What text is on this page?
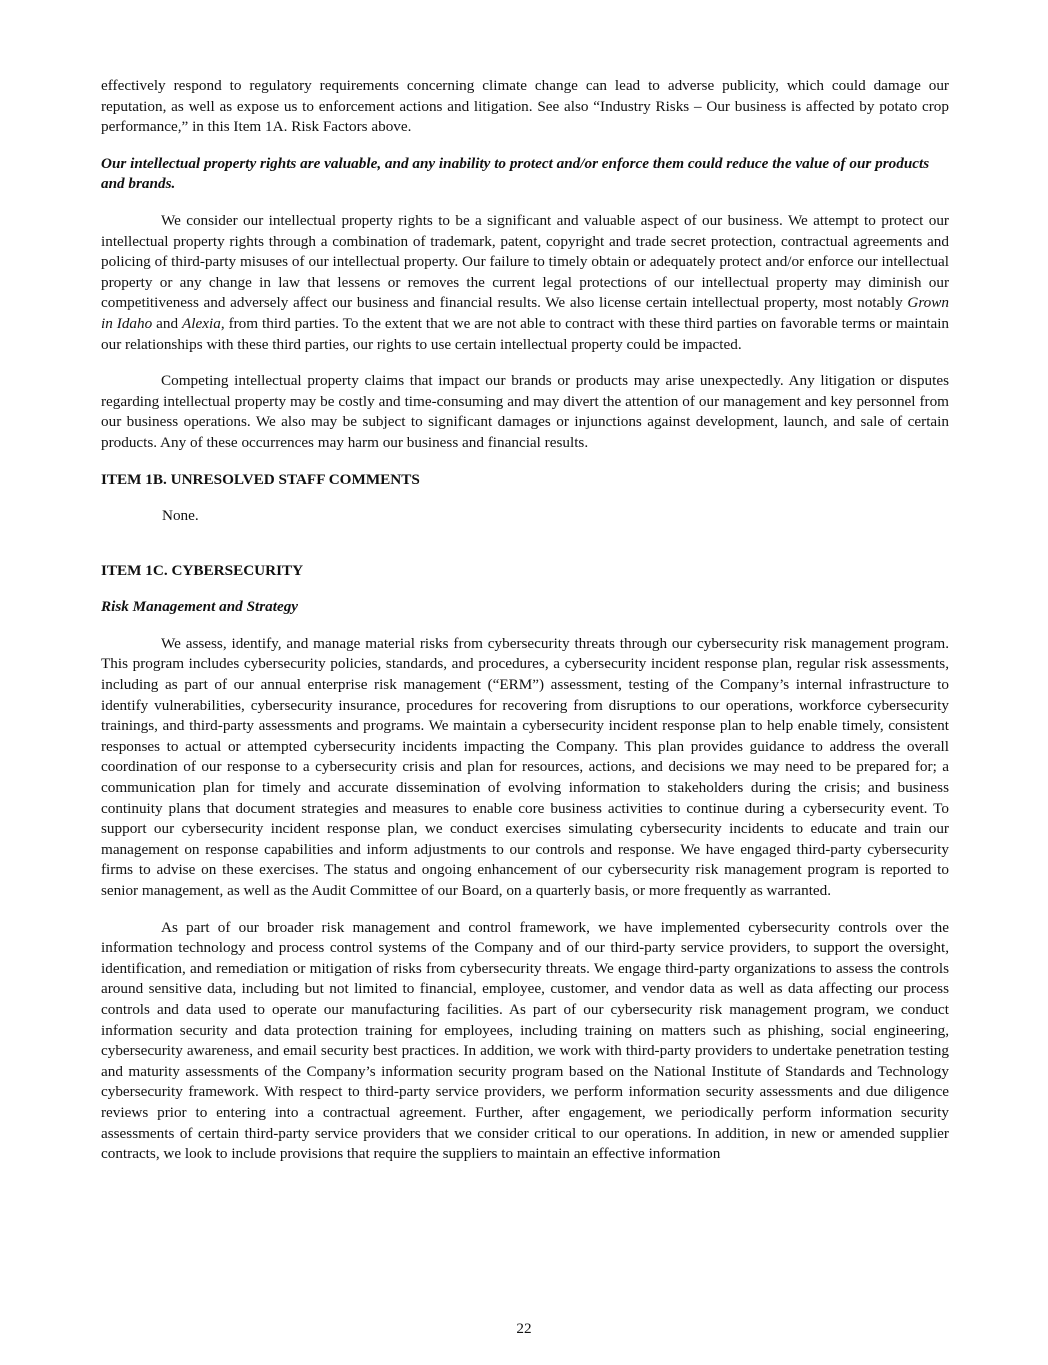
effectively respond to regulatory requirements concerning climate change can lead to adverse publicity, which could damage our reputation, as well as expose us to enforcement actions and litigation. See also “Industry Risks – Our business is affected by potato crop performance,” in this Item 1A. Risk Factors above.

Our intellectual property rights are valuable, and any inability to protect and/or enforce them could reduce the value of our products and brands.

We consider our intellectual property rights to be a significant and valuable aspect of our business. We attempt to protect our intellectual property rights through a combination of trademark, patent, copyright and trade secret protection, contractual agreements and policing of third-party misuses of our intellectual property. Our failure to timely obtain or adequately protect and/or enforce our intellectual property or any change in law that lessens or removes the current legal protections of our intellectual property may diminish our competitiveness and adversely affect our business and financial results. We also license certain intellectual property, most notably Grown in Idaho and Alexia, from third parties. To the extent that we are not able to contract with these third parties on favorable terms or maintain our relationships with these third parties, our rights to use certain intellectual property could be impacted.

Competing intellectual property claims that impact our brands or products may arise unexpectedly. Any litigation or disputes regarding intellectual property may be costly and time-consuming and may divert the attention of our management and key personnel from our business operations. We also may be subject to significant damages or injunctions against development, launch, and sale of certain products. Any of these occurrences may harm our business and financial results.

ITEM 1B. UNRESOLVED STAFF COMMENTS

None.

ITEM 1C. CYBERSECURITY

Risk Management and Strategy

We assess, identify, and manage material risks from cybersecurity threats through our cybersecurity risk management program. This program includes cybersecurity policies, standards, and procedures, a cybersecurity incident response plan, regular risk assessments, including as part of our annual enterprise risk management (“ERM”) assessment, testing of the Company’s internal infrastructure to identify vulnerabilities, cybersecurity insurance, procedures for recovering from disruptions to our operations, workforce cybersecurity trainings, and third-party assessments and programs. We maintain a cybersecurity incident response plan to help enable timely, consistent responses to actual or attempted cybersecurity incidents impacting the Company. This plan provides guidance to address the overall coordination of our response to a cybersecurity crisis and plan for resources, actions, and decisions we may need to be prepared for; a communication plan for timely and accurate dissemination of evolving information to stakeholders during the crisis; and business continuity plans that document strategies and measures to enable core business activities to continue during a cybersecurity event. To support our cybersecurity incident response plan, we conduct exercises simulating cybersecurity incidents to educate and train our management on response capabilities and inform adjustments to our controls and response. We have engaged third-party cybersecurity firms to advise on these exercises. The status and ongoing enhancement of our cybersecurity risk management program is reported to senior management, as well as the Audit Committee of our Board, on a quarterly basis, or more frequently as warranted.

As part of our broader risk management and control framework, we have implemented cybersecurity controls over the information technology and process control systems of the Company and of our third-party service providers, to support the oversight, identification, and remediation or mitigation of risks from cybersecurity threats. We engage third-party organizations to assess the controls around sensitive data, including but not limited to financial, employee, customer, and vendor data as well as data affecting our process controls and data used to operate our manufacturing facilities. As part of our cybersecurity risk management program, we conduct information security and data protection training for employees, including training on matters such as phishing, social engineering, cybersecurity awareness, and email security best practices. In addition, we work with third-party providers to undertake penetration testing and maturity assessments of the Company’s information security program based on the National Institute of Standards and Technology cybersecurity framework. With respect to third-party service providers, we perform information security assessments and due diligence reviews prior to entering into a contractual agreement. Further, after engagement, we periodically perform information security assessments of certain third-party service providers that we consider critical to our operations. In addition, in new or amended supplier contracts, we look to include provisions that require the suppliers to maintain an effective information

22
